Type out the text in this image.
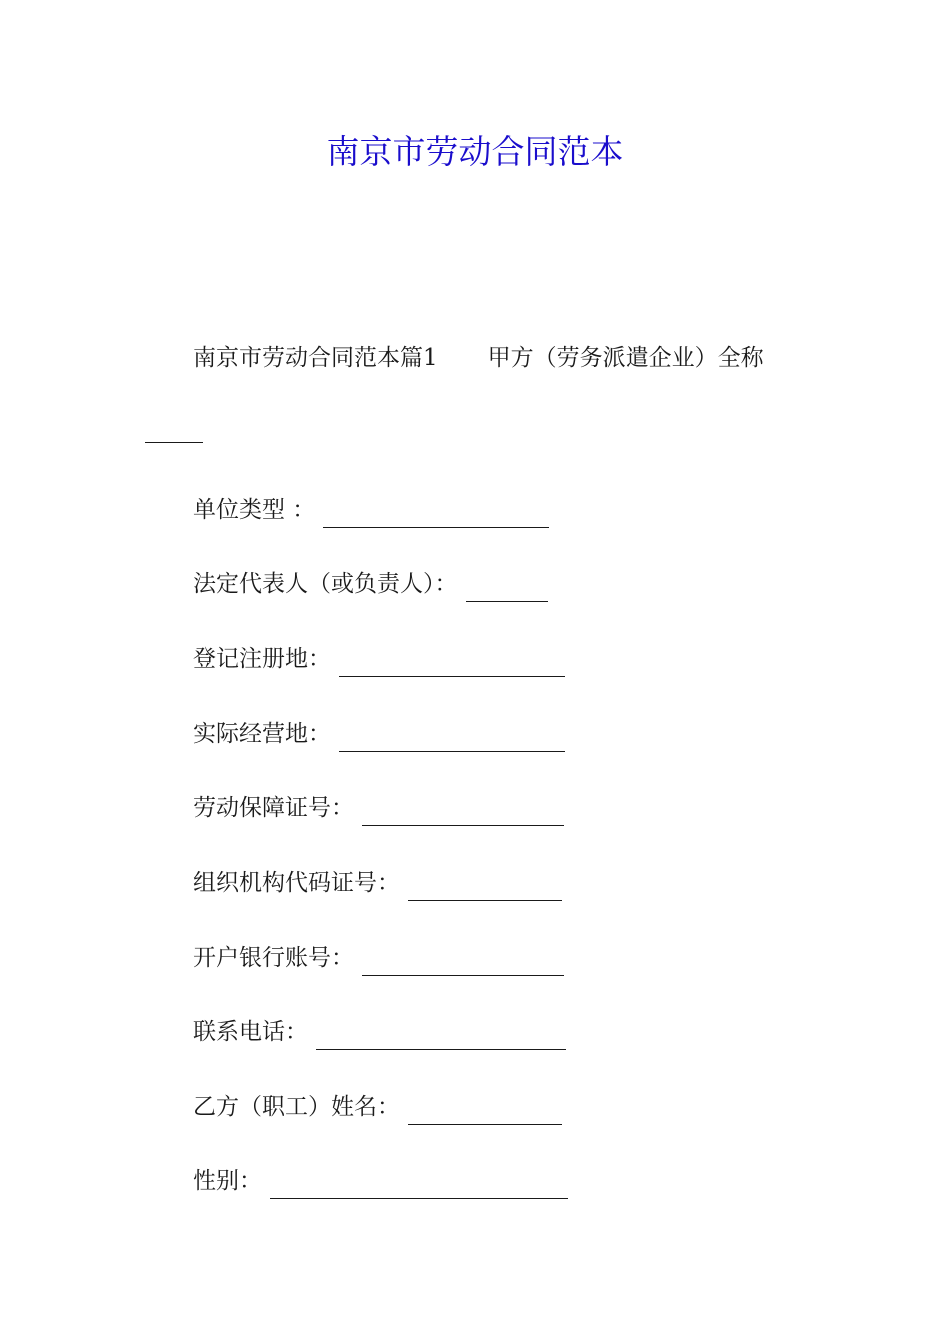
南京市劳动合同范本
南京市劳动合同范本篇1 甲方（劳务派遣企业）全称
单位类型 ：
法定代表人（或负责人）：
登记注册地：
实际经营地：
劳动保障证号：
组织机构代码证号：
开户银行账号：
联系电话：
乙方（职工）姓名：
性别：
